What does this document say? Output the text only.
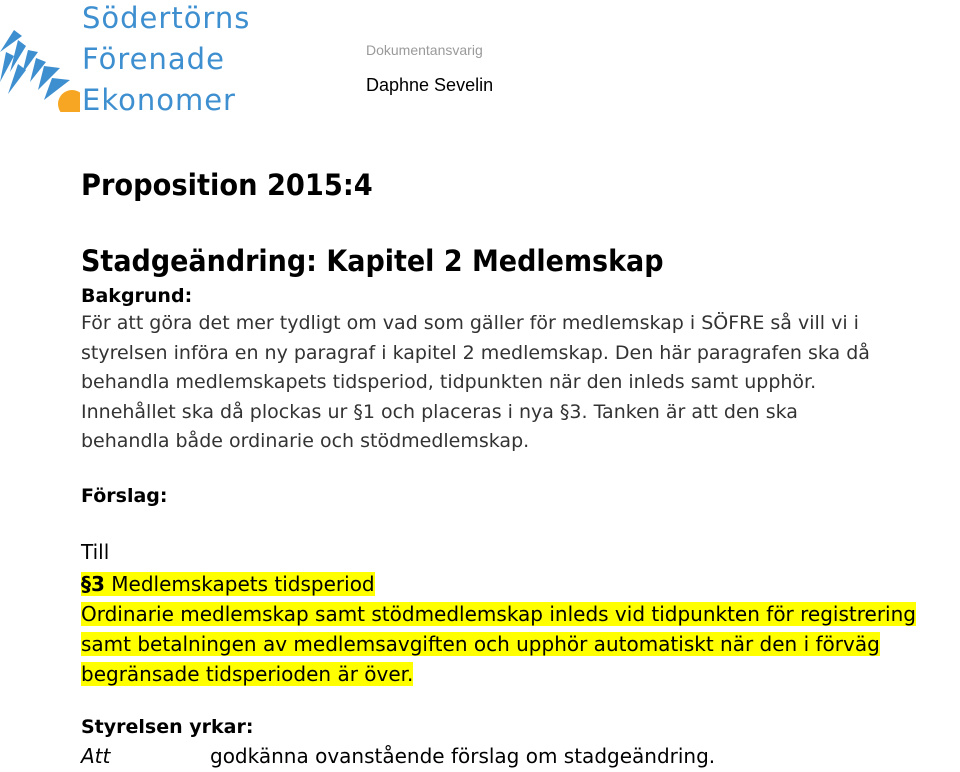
Södertörns
Förenade
Ekonomer
Dokumentansvarig
Daphne Sevelin
Proposition 2015:4
Stadgeändring: Kapitel 2 Medlemskap
Bakgrund:
För att göra det mer tydligt om vad som gäller för medlemskap i SÖFRE så vill vi i
styrelsen införa en ny paragraf i kapitel 2 medlemskap. Den här paragrafen ska då
behandla medlemskapets tidsperiod, tidpunkten när den inleds samt upphör.
Innehållet ska då plockas ur §1 och placeras i nya §3. Tanken är att den ska
behandla både ordinarie och stödmedlemskap.
Förslag:
Till
§3 Medlemskapets tidsperiod
Ordinarie medlemskap samt stödmedlemskap inleds vid tidpunkten för registrering
samt betalningen av medlemsavgiften och upphör automatiskt när den i förväg
begränsade tidsperioden är över.
Styrelsen yrkar:
Att	godkänna ovanstående förslag om stadgeändring.
